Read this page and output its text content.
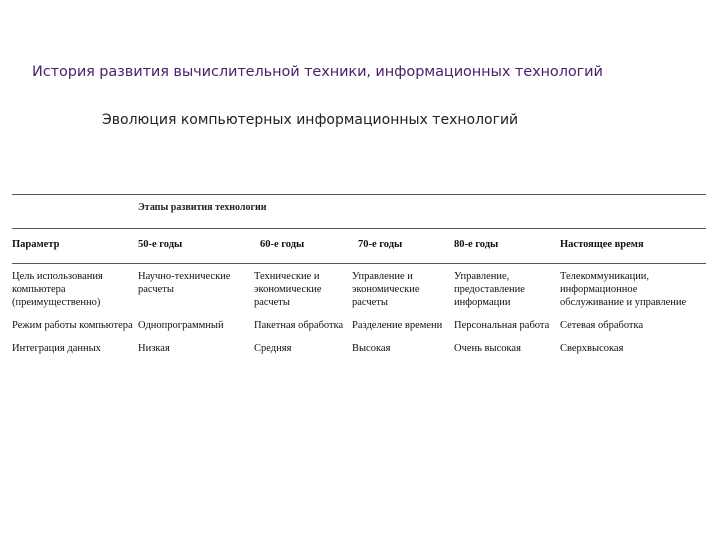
История развития вычислительной техники, информационных технологий
Эволюция компьютерных информационных технологий
Этапы развития технологии
Параметр	50-е годы	60-е годы	70-е годы	80-е годы	Настоящее время
Цель использования компьютера (преимущественно)	Научно-технические расчеты	Технические и экономические расчеты	Управление и экономические расчеты	Управление, предоставление информации	Телекоммуникации, информационное обслуживание и управление
Режим работы компьютера	Однопрограммный	Пакетная обработка	Разделение времени	Персональная работа	Сетевая обработка
Интеграция данных	Низкая	Средняя	Высокая	Очень высокая	Сверхвысокая
